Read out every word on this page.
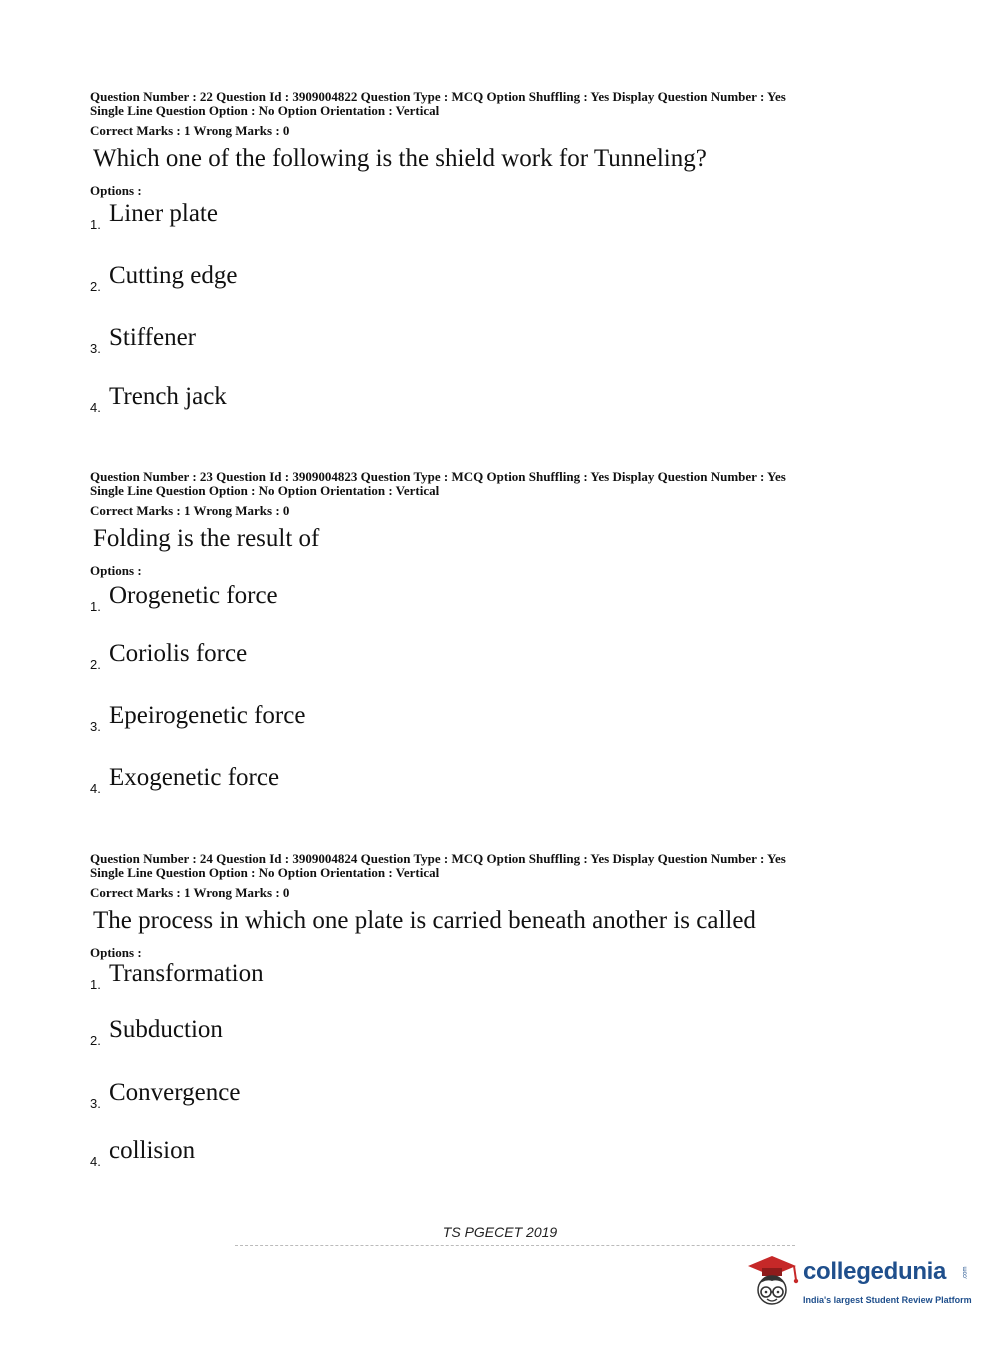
Question Number : 22 Question Id : 3909004822 Question Type : MCQ Option Shuffling : Yes Display Question Number : Yes
Single Line Question Option : No Option Orientation : Vertical
Correct Marks : 1 Wrong Marks : 0
Which one of the following is the shield work for Tunneling?
Options :
1. Liner plate
2. Cutting edge
3. Stiffener
4. Trench jack
Question Number : 23 Question Id : 3909004823 Question Type : MCQ Option Shuffling : Yes Display Question Number : Yes
Single Line Question Option : No Option Orientation : Vertical
Correct Marks : 1 Wrong Marks : 0
Folding is the result of
Options :
1. Orogenetic force
2. Coriolis force
3. Epeirogenetic force
4. Exogenetic force
Question Number : 24 Question Id : 3909004824 Question Type : MCQ Option Shuffling : Yes Display Question Number : Yes
Single Line Question Option : No Option Orientation : Vertical
Correct Marks : 1 Wrong Marks : 0
The process in which one plate is carried beneath another is called
Options :
1. Transformation
2. Subduction
3. Convergence
4. collision
TS PGECET 2019
collegedunia	.com
India's largest Student Review Platform
